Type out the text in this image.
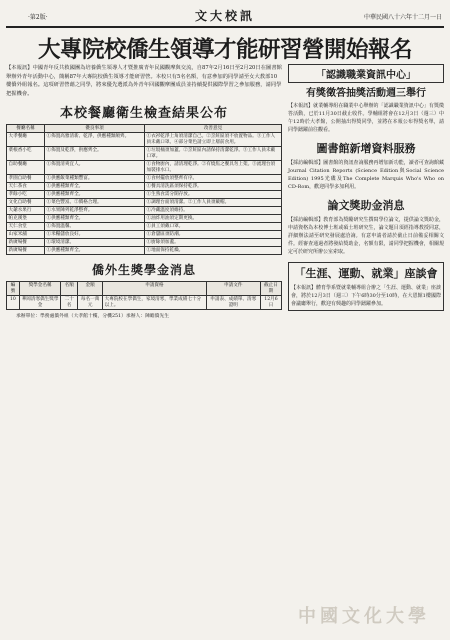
·第2版·	文大校訊	中華民國八十六年十二月一日
大專院校僑生領導才能研習營開始報名

【本報訊】中國青年反共救國團為培養僑生領導人才暨推廣青年民國觀摩與交流，自87年2月16日至2月20日在圖書館舉辦外青年活動中心，簡稱87年大專院校僑生領導才能研習營。本校只有5名名額，有意參加的同學請至女大教部10樓僑外組報名。這項研習營藉之同學，將來優先選派為外青年回國觀摩團成員並持續提供國際學習之參加服務，請同學把握機會。

本校餐廳衛生檢查結果公布
餐廳名稱	優良事項	改善意見
大孝餐廳	①佈置高雅清新、乾淨，供應種類頗齊。	①衣衫乾淨上角須清潔自己。②烹飪區須不放置物品。③工作人員未戴口罩。④部分菜色請立即上層前食用。
菜根香小吃	①佈置及乾淨，供應齊全。	①垃圾桶須加蓋。②烹飪區內請保持清潔乾淨。③工作人員未戴口罩。
自助餐廳	①佈置清爽宜人。	①食物廚內，請清理乾淨。②有燒焦之餐具勿上架。③流理台須加裝排水口。
孝園自助餐	①供應飯菜種類豐富。	①食材擺放須整齊有序。
天仁茶食	①供應種類齊全。	①餐具清洗區須保持乾淨。
孝餘小吃	①供應種類齊全。	①生熟食需分開存放。
文化自助餐	①菜色豐富。②價格合理。	①調理台面須清潔。②工作人員須戴帽。
大爺水果行	①水果陳列乾淨整齊。	①冷藏溫度須維持。
帕克漢堡	①供應種類齊全。	①油炸用油須定期更換。
天仁食堂	①佈置溫馨。	①員工須戴口罩。
山家米舖	①米糧儲放良好。	①倉儲區須防潮。
新廣場餐	①環境清潔。	①廚餘須加蓋。
新廣場餐	①供應種類齊全。	①地面保持乾燥。
僑外生獎學金消息
編號	獎學金名稱	名額	金額	申請資格	申請文件	截止日期
10	華岡清寒僑生獎學金	二十名	每名一萬元	大專院校在學僑生，家境清寒，學業成績七十分以上。	申請表、成績單、清寒證明	12月6日
承辦單位：學務處僑外組（大孝館十樓，分機251）承辦人：陳瞻僑先生
「認識職業資訊中心」
有獎徵答抽獎活動週三舉行

【本報訊】就業輔導組在職業中心舉辦的「認識職業資訊中心」有獎徵答活動，已於11月30日截止收件。學輔組將會在12月3日（週三）中午12時於大孝館，公開抽出得獎同學，並將在本報公布得獎名單，請同學踴躍前往觀看。

圖書館新增資料服務

【採訪編輯部】圖書館的資訊查詢服務再增加新功能，讀者可查詢館藏Journal Citation Reports (Science Edition與Social Science Edition) 1995光碟及The Complete Marquis Who's Who on CD-Rom，歡迎同學多加利用。

論文獎助金消息

【採訪編輯部】教育部為獎勵研究生撰寫學位論文，提供論文獎助金，申請資格為本校博士班或碩士班研究生，論文題目須經指導教授同意，詳細辦法請至研究發展處洽詢。有意申請者請於截止日前備妥相關文件。經審查通過者將發給獎助金，名額有限，請同學把握機會，相關規定可於研究所辦公室索取。

「生涯、運動、就業」座談會

【本報訊】體育學系暨就業輔導組合辦之「生涯、運動、就業」座談會，將於12月3日（週三）下午6時30分至10時，在大恩館1樓國際會議廳舉行，歡迎有興趣的同學踴躍參加。

中國文化大學
